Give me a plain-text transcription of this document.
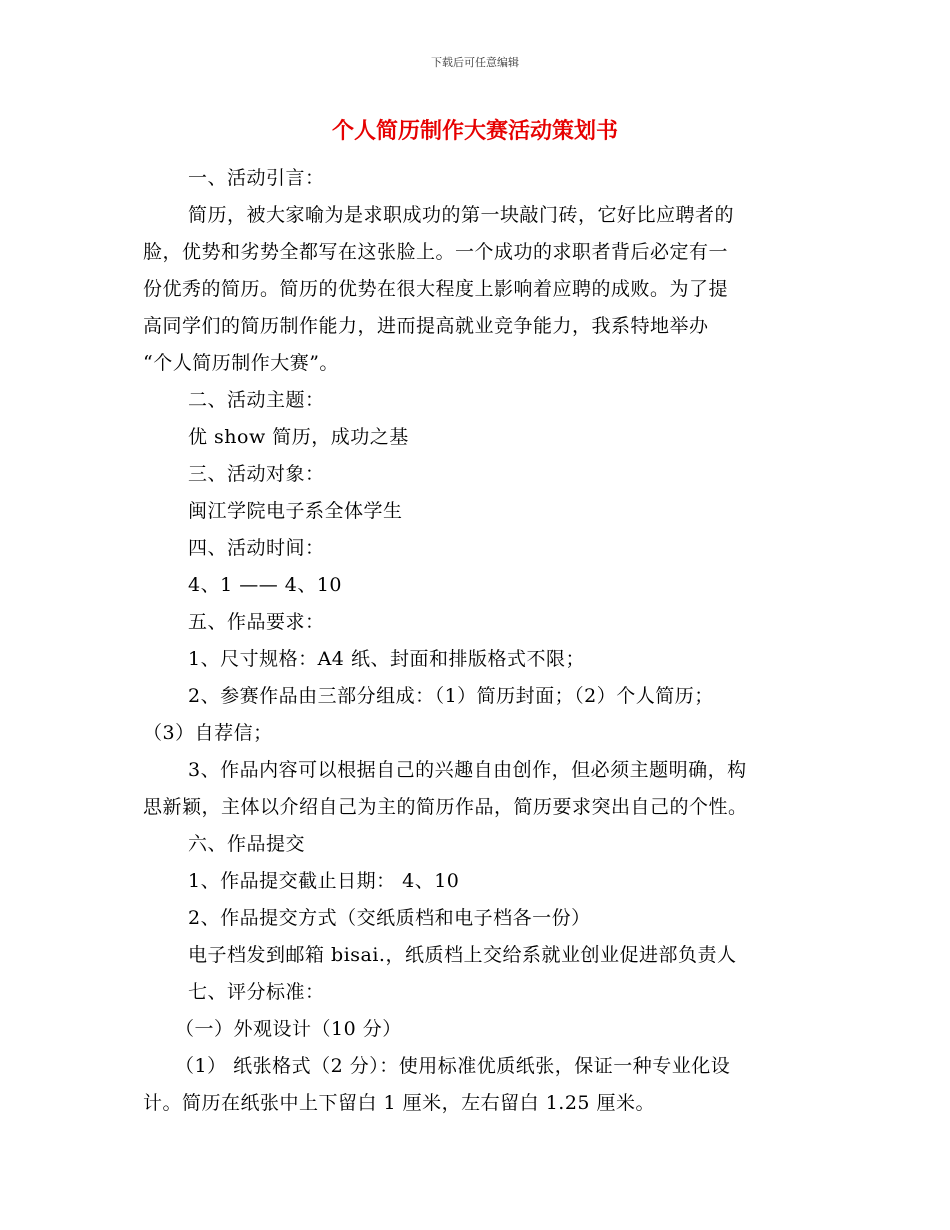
下载后可任意编辑
个人简历制作大赛活动策划书
一、活动引言：
简历，被大家喻为是求职成功的第一块敲门砖，它好比应聘者的
脸，优势和劣势全都写在这张脸上。一个成功的求职者背后必定有一
份优秀的简历。简历的优势在很大程度上影响着应聘的成败。为了提
高同学们的简历制作能力，进而提高就业竞争能力，我系特地举办
“个人简历制作大赛”。
二、活动主题：
优 show 简历，成功之基
三、活动对象：
闽江学院电子系全体学生
四、活动时间：
4、1 —— 4、10
五、作品要求：
1、尺寸规格：A4 纸、封面和排版格式不限；
2、参赛作品由三部分组成：（1）简历封面；（2）个人简历；
（3）自荐信；
3、作品内容可以根据自己的兴趣自由创作，但必须主题明确，构
思新颖，主体以介绍自己为主的简历作品，简历要求突出自己的个性。
六、作品提交
1、作品提交截止日期： 4、10
2、作品提交方式（交纸质档和电子档各一份）
电子档发到邮箱 bisai.，纸质档上交给系就业创业促进部负责人
七、评分标准：
（一）外观设计（10 分）
（1） 纸张格式（2 分）：使用标准优质纸张，保证一种专业化设
计。简历在纸张中上下留白 1 厘米，左右留白 1.25 厘米。
